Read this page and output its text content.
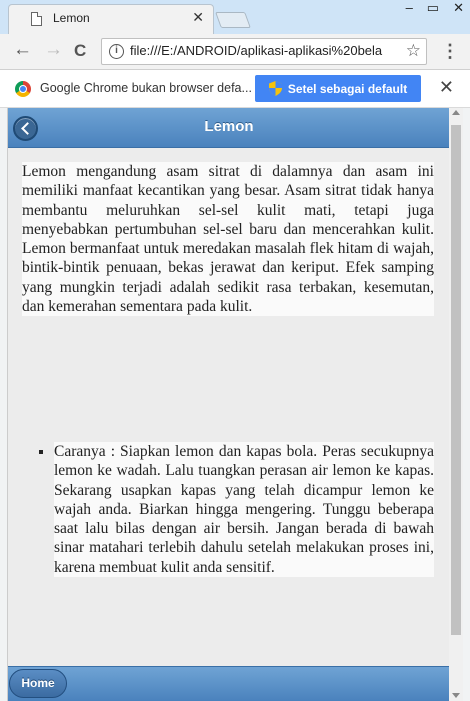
Lemon	✕
– ▭ ✕
← → C	i file:///E:/ANDROID/aplikasi-aplikasi%20bela	☆ ⋮
Google Chrome bukan browser defa...	Setel sebagai default ✕
Lemon

Lemon mengandung asam sitrat di dalamnya dan asam ini memiliki manfaat kecantikan yang besar. Asam sitrat tidak hanya membantu meluruhkan sel-sel kulit mati, tetapi juga menyebabkan pertumbuhan sel-sel baru dan mencerahkan kulit. Lemon bermanfaat untuk meredakan masalah flek hitam di wajah, bintik-bintik penuaan, bekas jerawat dan keriput. Efek samping yang mungkin terjadi adalah sedikit rasa terbakan, kesemutan, dan kemerahan sementara pada kulit.

▪ Caranya : Siapkan lemon dan kapas bola. Peras secukupnya lemon ke wadah. Lalu tuangkan perasan air lemon ke kapas. Sekarang usapkan kapas yang telah dicampur lemon ke wajah anda. Biarkan hingga mengering. Tunggu beberapa saat lalu bilas dengan air bersih. Jangan berada di bawah sinar matahari terlebih dahulu setelah melakukan proses ini, karena membuat kulit anda sensitif.
Home
